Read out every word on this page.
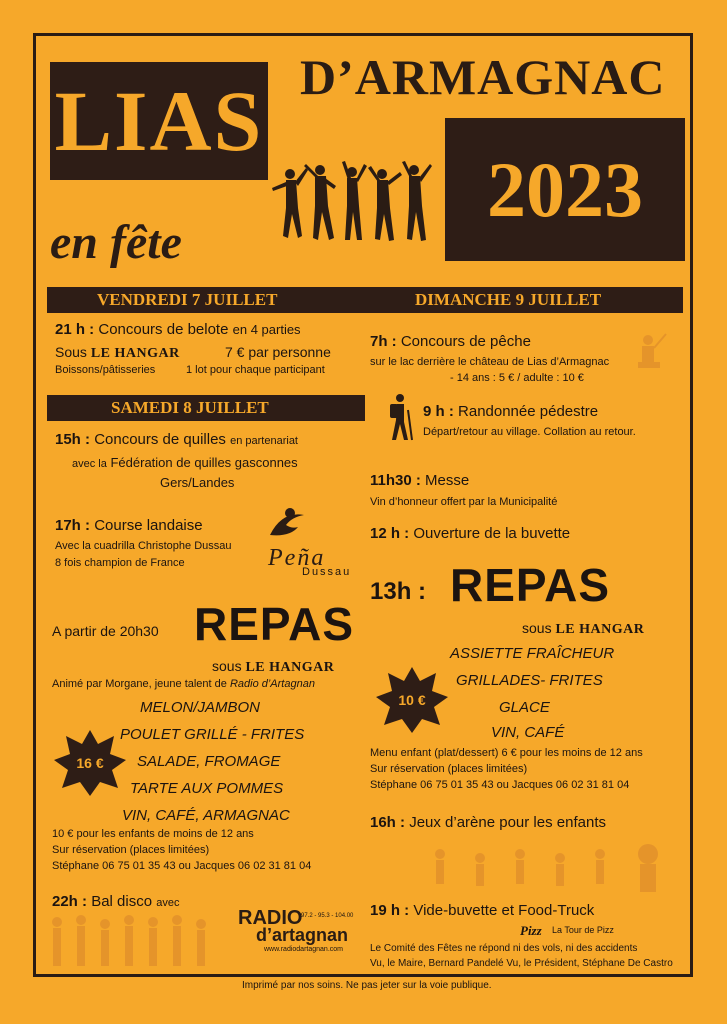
LIAS D’ARMAGNAC
2023
en fête
VENDREDI 7 JUILLET	DIMANCHE 9 JUILLET
21 h : Concours de belote en 4 parties
Sous LE HANGAR	7 € par personne
Boissons/pâtisseries	1 lot pour chaque participant
SAMEDI 8 JUILLET
15h : Concours de quilles en partenariat
avec la Fédération de quilles gasconnes
Gers/Landes
17h : Course landaise
Avec la cuadrilla Christophe Dussau
8 fois champion de France	Peña
Dussau
A partir de 20h30 REPAS
sous LE HANGAR
Animé par Morgane, jeune talent de Radio d’Artagnan
16 €
MELON/JAMBON
POULET GRILLÉ - FRITES
SALADE, FROMAGE
TARTE AUX POMMES
VIN, CAFÉ, ARMAGNAC
10 € pour les enfants de moins de 12 ans
Sur réservation (places limitées)
Stéphane 06 75 01 35 43 ou Jacques 06 02 31 81 04
22h : Bal disco avec
RADIO
97.2 - 95.3 - 104.00
d’artagnan
www.radiodartagnan.com
7h : Concours de pêche
sur le lac derrière le château de Lias d’Armagnac
- 14 ans : 5 € / adulte : 10 €
9 h : Randonnée pédestre
Départ/retour au village. Collation au retour.
11h30 : Messe
Vin d’honneur offert par la Municipalité
12 h : Ouverture de la buvette
13h : REPAS
sous LE HANGAR
10 €
ASSIETTE FRAÎCHEUR
GRILLADES- FRITES
GLACE
VIN, CAFÉ
Menu enfant (plat/dessert) 6 € pour les moins de 12 ans
Sur réservation (places limitées)
Stéphane 06 75 01 35 43 ou Jacques 06 02 31 81 04
16h : Jeux d’arène pour les enfants
19 h : Vide-buvette et Food-Truck
Pizz La Tour de Pizz
Le Comité des Fêtes ne répond ni des vols, ni des accidents
Vu, le Maire, Bernard Pandelé Vu, le Président, Stéphane De Castro
Imprimé par nos soins. Ne pas jeter sur la voie publique.
